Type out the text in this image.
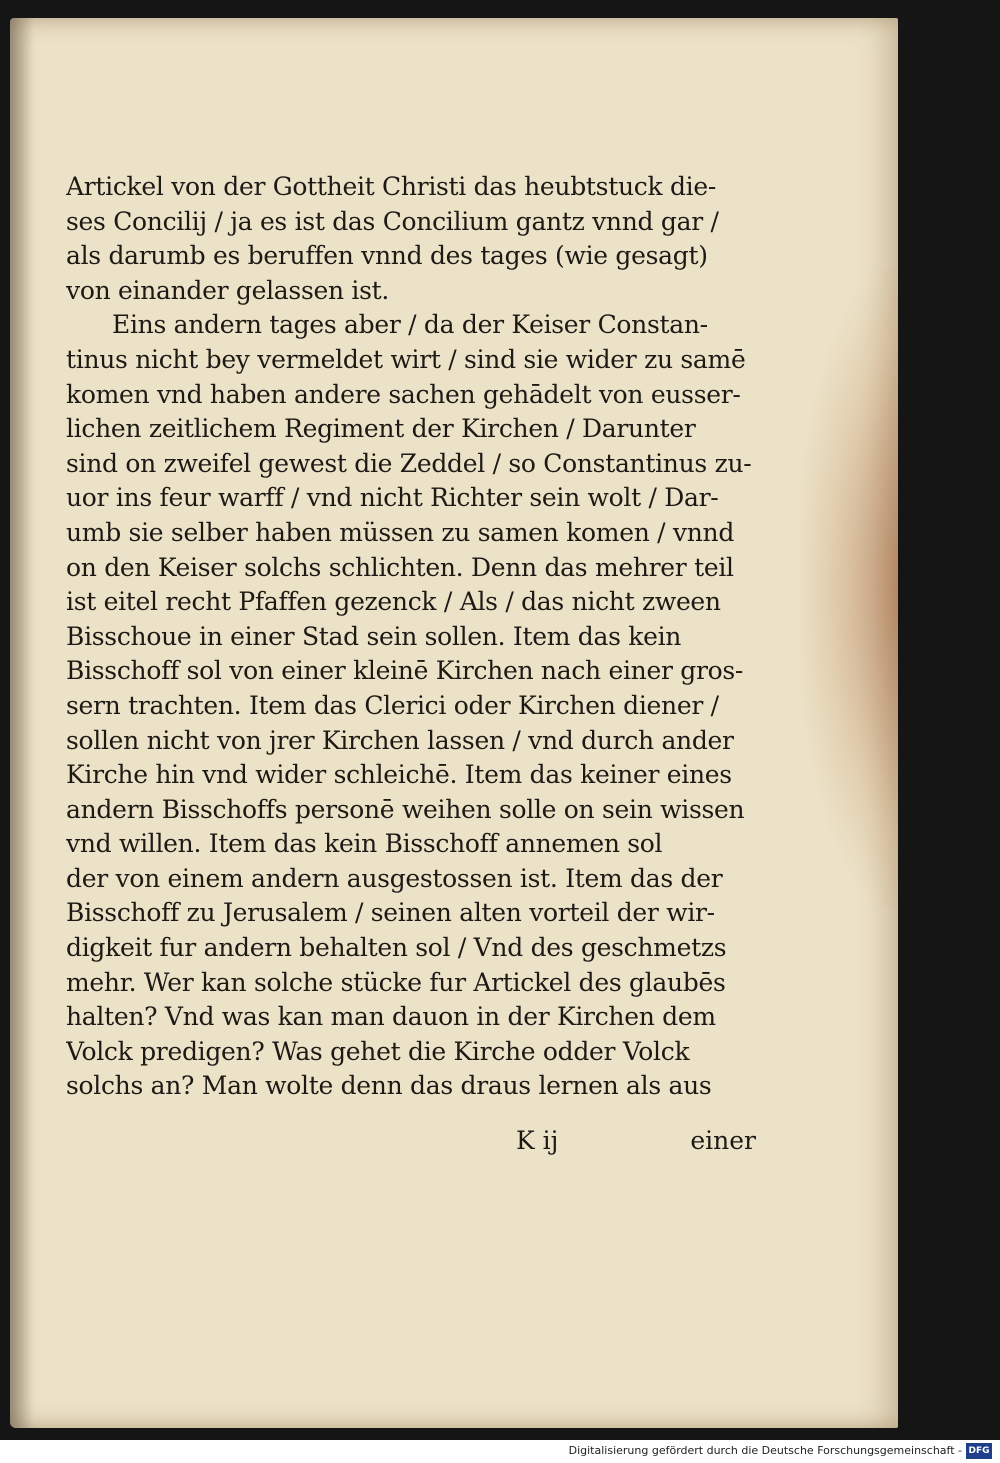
Artickel von der Gottheit Christi das heubtstuck die-
ses Concilij / ja es ist das Concilium gantz vnnd gar /
als darumb es beruffen vnnd des tages (wie gesagt)
von einander gelassen ist.
Eins andern tages aber / da der Keiser Constan-
tinus nicht bey vermeldet wirt / sind sie wider zu samē
komen vnd haben andere sachen gehādelt von eusser-
lichen zeitlichem Regiment der Kirchen / Darunter
sind on zweifel gewest die Zeddel / so Constantinus zu-
uor ins feur warff / vnd nicht Richter sein wolt / Dar-
umb sie selber haben müssen zu samen komen / vnnd
on den Keiser solchs schlichten. Denn das mehrer teil
ist eitel recht Pfaffen gezenck / Als / das nicht zween
Bisschoue in einer Stad sein sollen. Item das kein
Bisschoff sol von einer kleinē Kirchen nach einer gros-
sern trachten. Item das Clerici oder Kirchen diener /
sollen nicht von jrer Kirchen lassen / vnd durch ander
Kirche hin vnd wider schleichē. Item das keiner eines
andern Bisschoffs personē weihen solle on sein wissen
vnd willen. Item das kein Bisschoff annemen sol
der von einem andern ausgestossen ist. Item das der
Bisschoff zu Jerusalem / seinen alten vorteil der wir-
digkeit fur andern behalten sol / Vnd des geschmetzs
mehr. Wer kan solche stücke fur Artickel des glaubēs
halten? Vnd was kan man dauon in der Kirchen dem
Volck predigen? Was gehet die Kirche odder Volck
solchs an? Man wolte denn das draus lernen als aus
K ij	einer
Digitalisierung gefördert durch die Deutsche Forschungsgemeinschaft - DFG
